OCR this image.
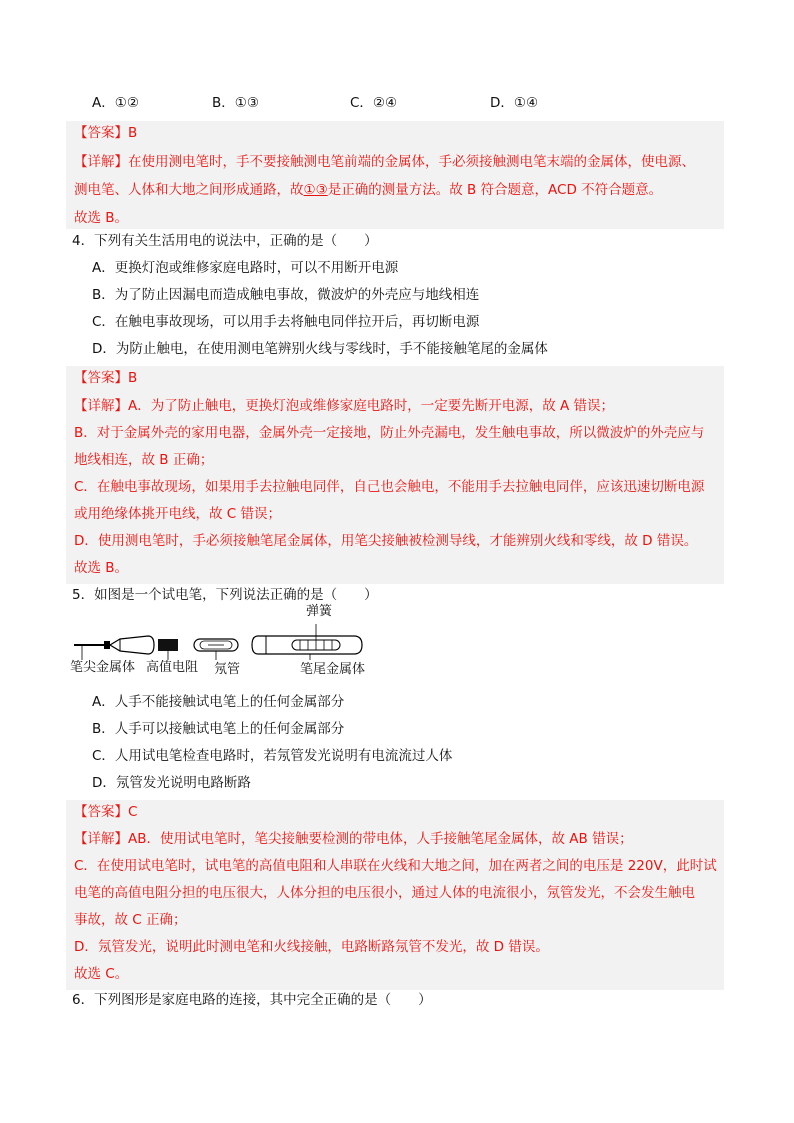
A．①②	B．①③	C．②④	D．①④
【答案】B
【详解】在使用测电笔时，手不要接触测电笔前端的金属体，手必须接触测电笔末端的金属体，使电源、
测电笔、人体和大地之间形成通路，故①③是正确的测量方法。故 B 符合题意，ACD 不符合题意。
故选 B。
4．下列有关生活用电的说法中，正确的是（　　）
A．更换灯泡或维修家庭电路时，可以不用断开电源
B．为了防止因漏电而造成触电事故，微波炉的外壳应与地线相连
C．在触电事故现场，可以用手去将触电同伴拉开后，再切断电源
D．为防止触电，在使用测电笔辨别火线与零线时，手不能接触笔尾的金属体
【答案】B
【详解】A．为了防止触电，更换灯泡或维修家庭电路时，一定要先断开电源，故 A 错误；
B．对于金属外壳的家用电器，金属外壳一定接地，防止外壳漏电，发生触电事故，所以微波炉的外壳应与
地线相连，故 B 正确；
C．在触电事故现场，如果用手去拉触电同伴，自己也会触电，不能用手去拉触电同伴，应该迅速切断电源
或用绝缘体挑开电线，故 C 错误；
D．使用测电笔时，手必须接触笔尾金属体，用笔尖接触被检测导线，才能辨别火线和零线，故 D 错误。
故选 B。
5．如图是一个试电笔，下列说法正确的是（　　）
弹簧
笔尖金属体 高值电阻 氖管	笔尾金属体
A．人手不能接触试电笔上的任何金属部分
B．人手可以接触试电笔上的任何金属部分
C．人用试电笔检查电路时，若氖管发光说明有电流流过人体
D．氖管发光说明电路断路
【答案】C
【详解】AB．使用试电笔时，笔尖接触要检测的带电体，人手接触笔尾金属体，故 AB 错误；
C．在使用试电笔时，试电笔的高值电阻和人串联在火线和大地之间，加在两者之间的电压是 220V，此时试
电笔的高值电阻分担的电压很大，人体分担的电压很小，通过人体的电流很小，氖管发光，不会发生触电
事故，故 C 正确；
D．氖管发光，说明此时测电笔和火线接触，电路断路氖管不发光，故 D 错误。
故选 C。
6．下列图形是家庭电路的连接，其中完全正确的是（　　）
